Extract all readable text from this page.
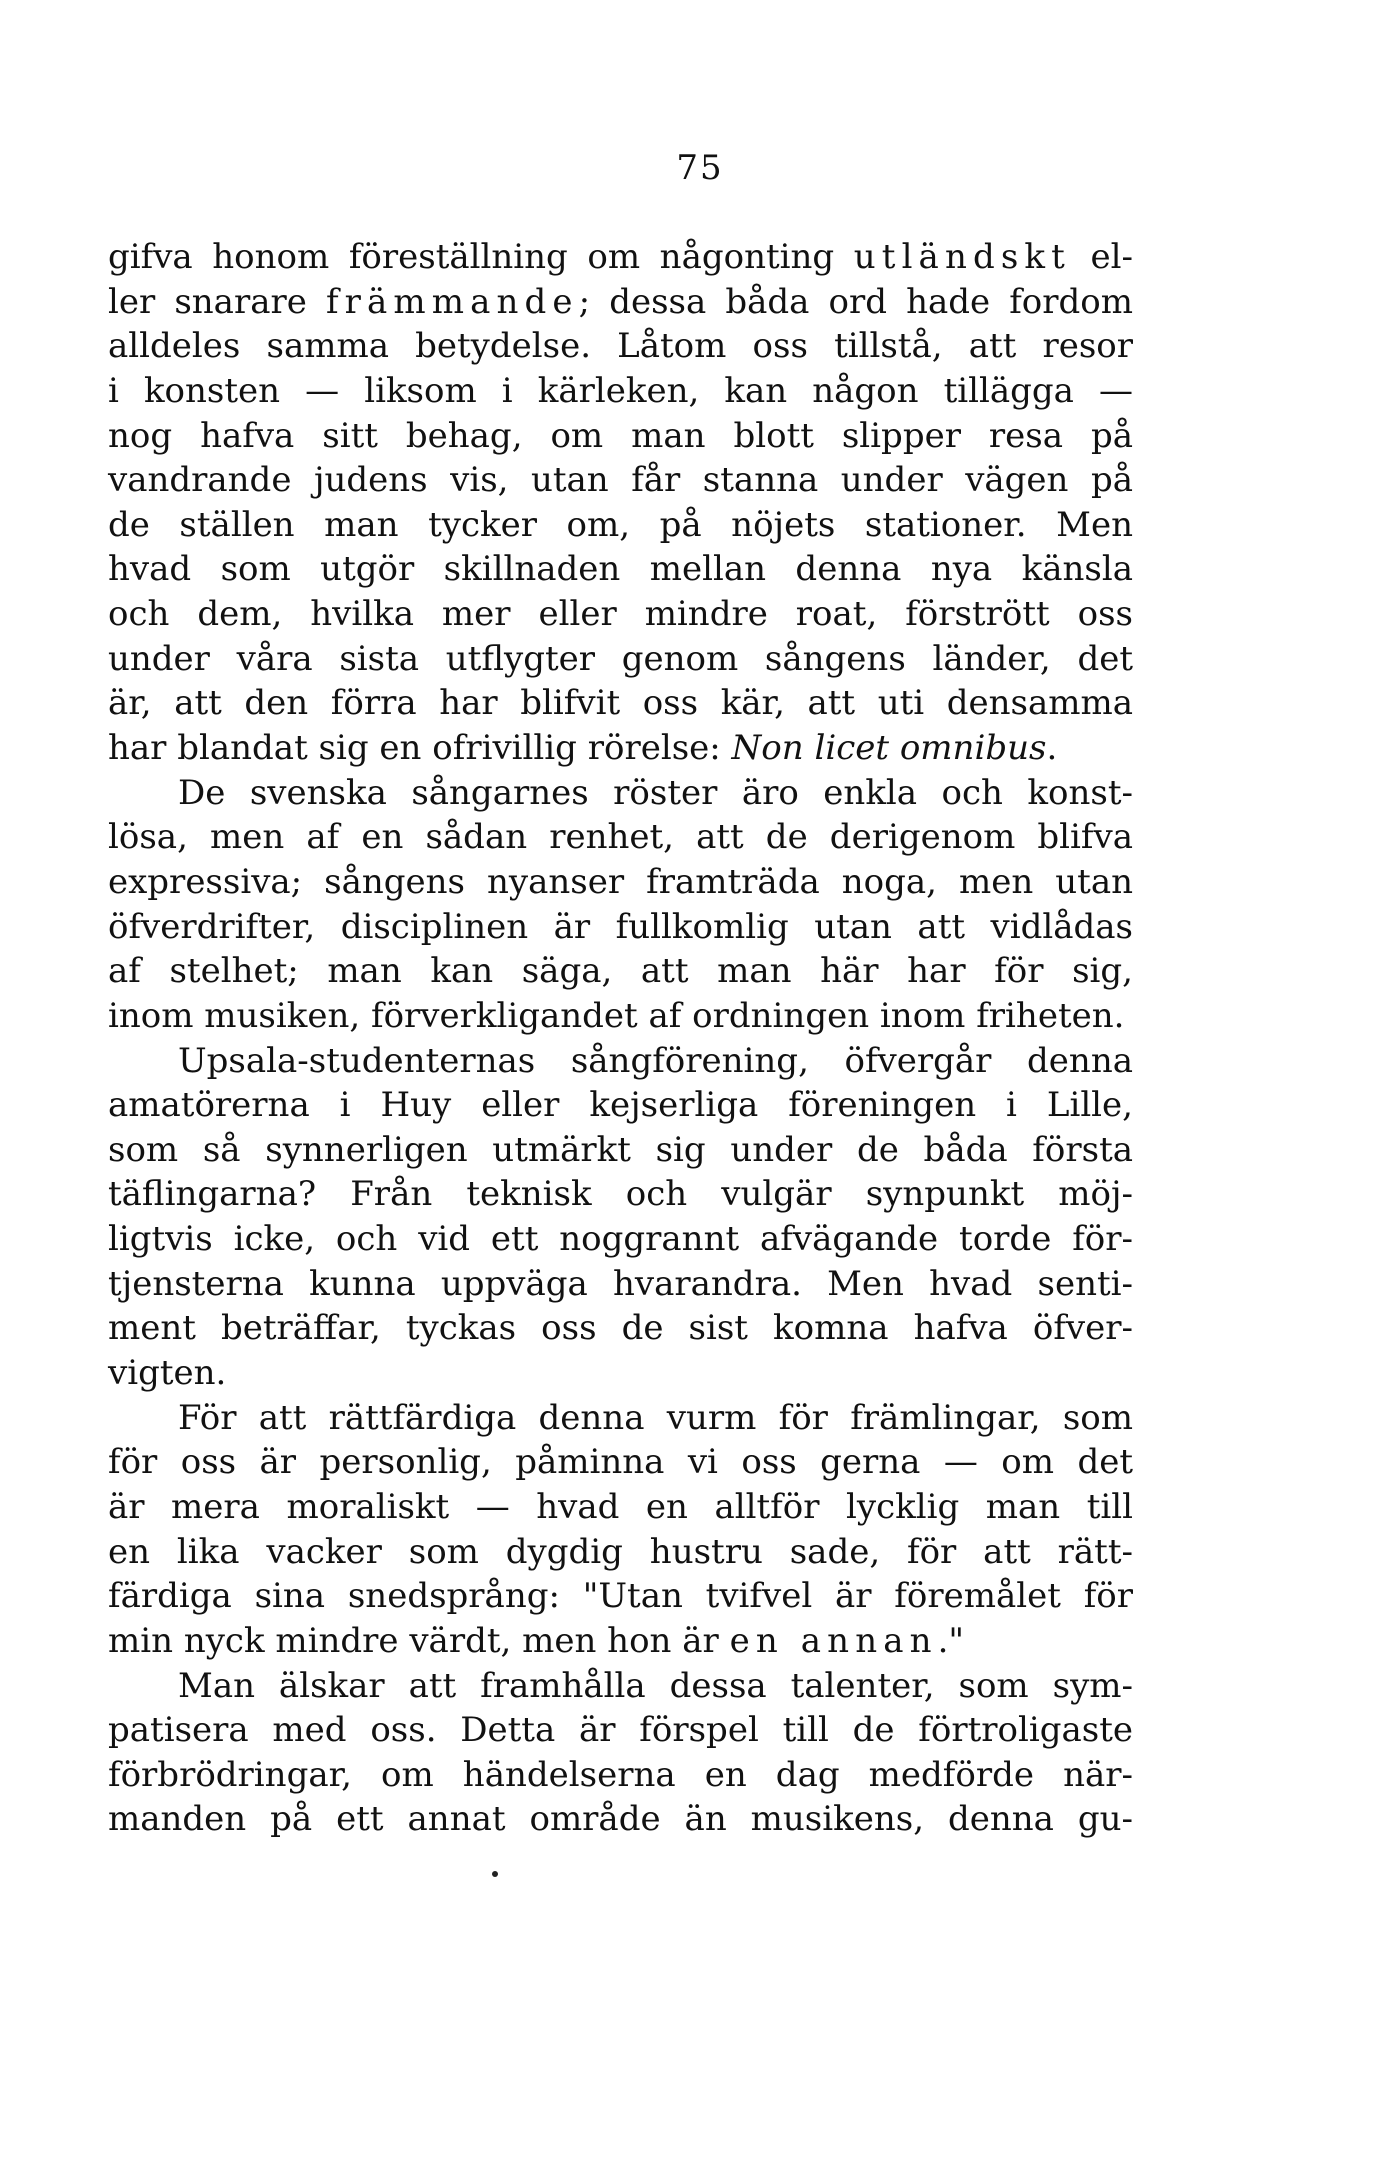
75
gifva honom föreställning om någonting utländskt el-
ler snarare främmande; dessa båda ord hade fordom
alldeles samma betydelse. Låtom oss tillstå, att resor
i konsten — liksom i kärleken, kan någon tillägga —
nog hafva sitt behag, om man blott slipper resa på
vandrande judens vis, utan får stanna under vägen på
de ställen man tycker om, på nöjets stationer. Men
hvad som utgör skillnaden mellan denna nya känsla
och dem, hvilka mer eller mindre roat, förstrött oss
under våra sista utflygter genom sångens länder, det
är, att den förra har blifvit oss kär, att uti densamma
har blandat sig en ofrivillig rörelse: Non licet omnibus.
De svenska sångarnes röster äro enkla och konst-
lösa, men af en sådan renhet, att de derigenom blifva
expressiva; sångens nyanser framträda noga, men utan
öfverdrifter, disciplinen är fullkomlig utan att vidlådas
af stelhet; man kan säga, att man här har för sig,
inom musiken, förverkligandet af ordningen inom friheten.
Upsala-studenternas sångförening, öfvergår denna
amatörerna i Huy eller kejserliga föreningen i Lille,
som så synnerligen utmärkt sig under de båda första
täflingarna? Från teknisk och vulgär synpunkt möj-
ligtvis icke, och vid ett noggrannt afvägande torde för-
tjensterna kunna uppväga hvarandra. Men hvad senti-
ment beträffar, tyckas oss de sist komna hafva öfver-
vigten.
För att rättfärdiga denna vurm för främlingar, som
för oss är personlig, påminna vi oss gerna — om det
är mera moraliskt — hvad en alltför lycklig man till
en lika vacker som dygdig hustru sade, för att rätt-
färdiga sina snedsprång: "Utan tvifvel är föremålet för
min nyck mindre värdt, men hon är en annan."
Man älskar att framhålla dessa talenter, som sym-
patisera med oss. Detta är förspel till de förtroligaste
förbrödringar, om händelserna en dag medförde när-
manden på ett annat område än musikens, denna gu-
